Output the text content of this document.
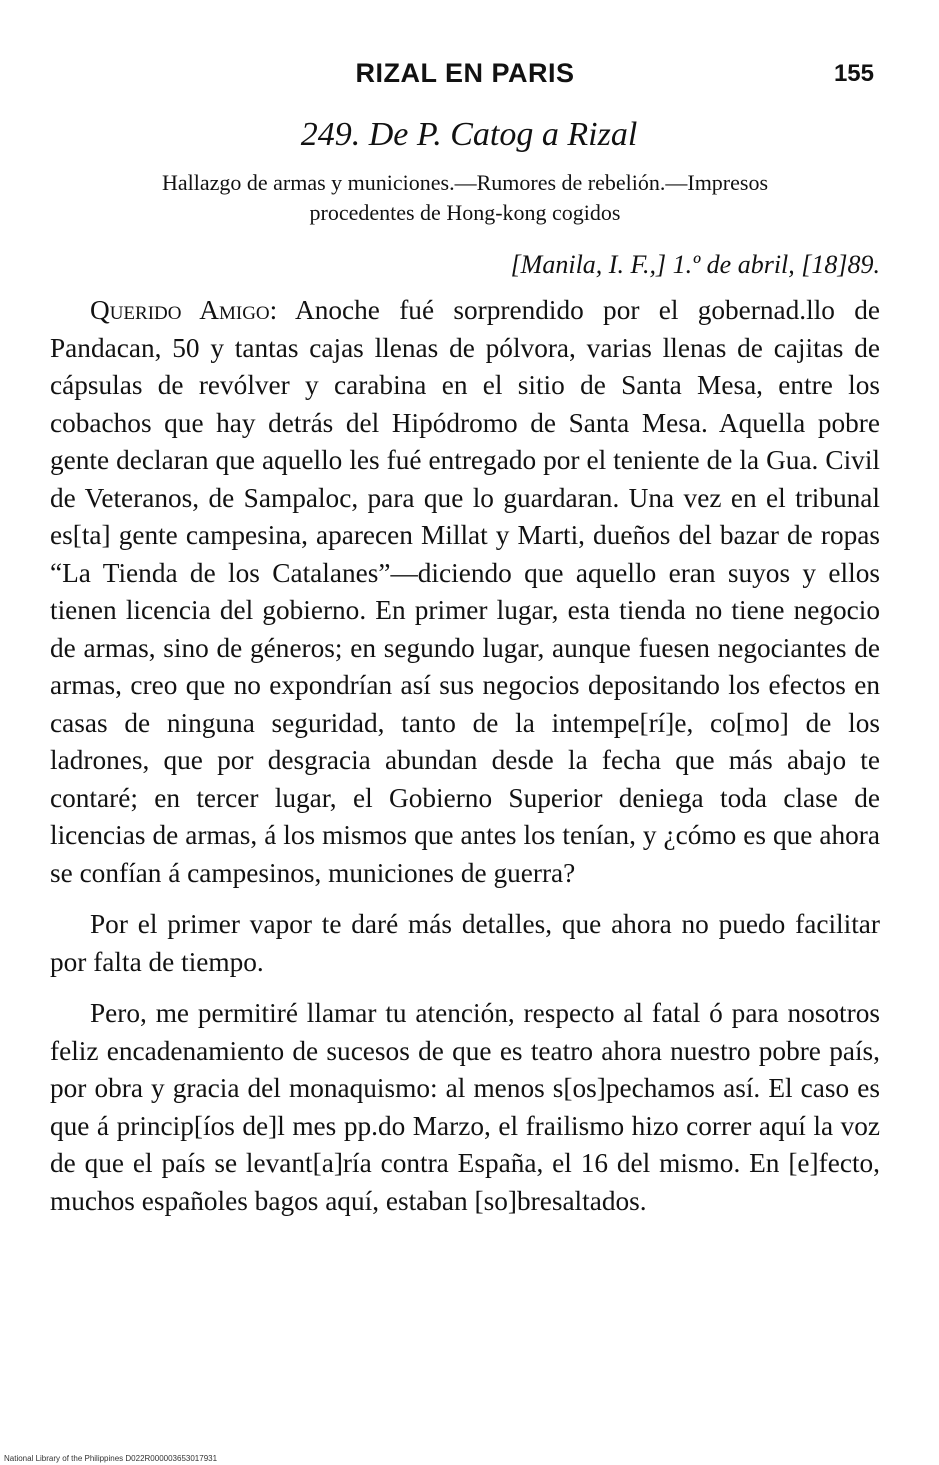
RIZAL EN PARIS	155
249. De P. Catog a Rizal
Hallazgo de armas y municiones.—Rumores de rebelión.—Impresos
procedentes de Hong-kong cogidos
[Manila, I. F.,] 1.º de abril, [18]89.

Querido Amigo: Anoche fué sorprendido por el gobernad.llo de Pandacan, 50 y tantas cajas llenas de pólvora, varias llenas de cajitas de cápsulas de revólver y carabina en el sitio de Santa Mesa, entre los cobachos que hay detrás del Hipódromo de Santa Mesa. Aquella pobre gente declaran que aquello les fué entregado por el teniente de la Gua. Civil de Veteranos, de Sampaloc, para que lo guardaran. Una vez en el tribunal es[ta] gente campesina, aparecen Millat y Marti, dueños del bazar de ropas “La Tienda de los Catalanes”—diciendo que aquello eran suyos y ellos tienen licencia del gobierno. En primer lugar, esta tienda no tiene negocio de armas, sino de géneros; en segundo lugar, aunque fuesen negociantes de armas, creo que no expondrían así sus negocios depositando los efectos en casas de ninguna seguridad, tanto de la intempe[rí]e, co[mo] de los ladrones, que por desgracia abundan desde la fecha que más abajo te contaré; en tercer lugar, el Gobierno Superior deniega toda clase de licencias de armas, á los mismos que antes los tenían, y ¿cómo es que ahora se confían á campesinos, municiones de guerra?

Por el primer vapor te daré más detalles, que ahora no puedo facilitar por falta de tiempo.

Pero, me permitiré llamar tu atención, respecto al fatal ó para nosotros feliz encadenamiento de sucesos de que es teatro ahora nuestro pobre país, por obra y gracia del monaquismo: al menos s[os]pechamos así. El caso es que á princip[íos de]l mes pp.do Marzo, el frailismo hizo correr aquí la voz de que el país se levant[a]ría contra España, el 16 del mismo. En [e]fecto, muchos españoles bagos aquí, estaban [so]bresaltados.

National Library of the Philippines D022R000003653017931
